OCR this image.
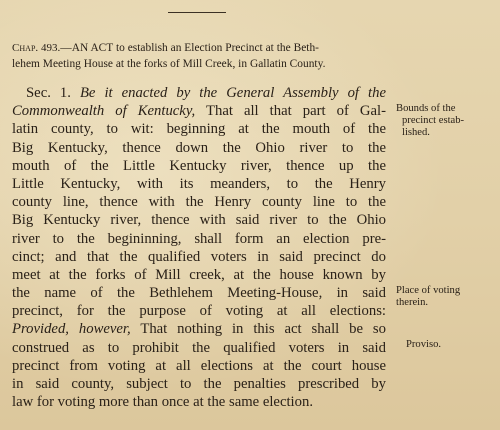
Chap. 493.—AN ACT to establish an Election Precinct at the Beth-
lehem Meeting House at the forks of Mill Creek, in Gallatin County.
Sec. 1. Be it enacted by the General Assembly of the
Commonwealth of Kentucky, That all that part of Gal-
latin county, to wit: beginning at the mouth of the
Big Kentucky, thence down the Ohio river to the
mouth of the Little Kentucky river, thence up the
Little Kentucky, with its meanders, to the Henry
county line, thence with the Henry county line to the
Big Kentucky river, thence with said river to the Ohio
river to the begininning, shall form an election pre-
cinct; and that the qualified voters in said precinct do
meet at the forks of Mill creek, at the house known by
the name of the Bethlehem Meeting-House, in said
precinct, for the purpose of voting at all elections:
Provided, however, That nothing in this act shall be so
construed as to prohibit the qualified voters in said
precinct from voting at all elections at the court house
in said county, subject to the penalties prescribed by
law for voting more than once at the same election.
Bounds of the
precinct estab-
lished.
Place of voting
therein.
Proviso.
